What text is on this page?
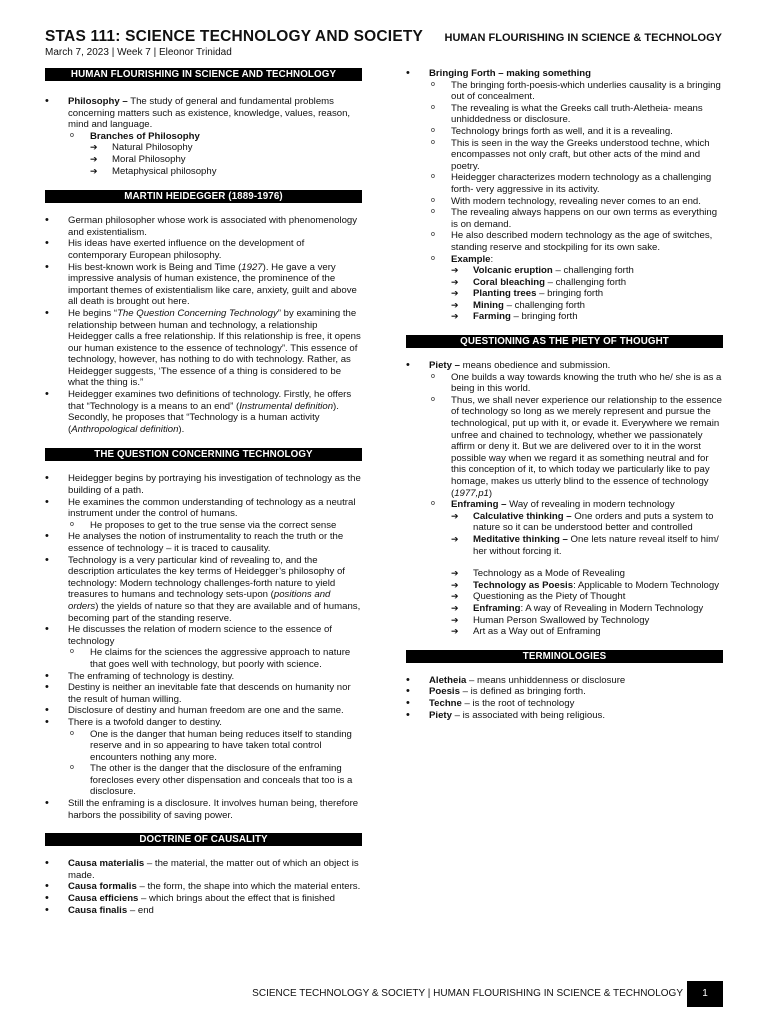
STAS 111: SCIENCE TECHNOLOGY AND SOCIETY
March 7, 2023 | Week 7 | Eleonor Trinidad
HUMAN FLOURISHING IN SCIENCE & TECHNOLOGY
HUMAN FLOURISHING IN SCIENCE AND TECHNOLOGY
• Philosophy – The study of general and fundamental problems concerning matters such as existence, knowledge, values, reason, mind and language.
o Branches of Philosophy
➔ Natural Philosophy
➔ Moral Philosophy
➔ Metaphysical philosophy
MARTIN HEIDEGGER (1889-1976)
• German philosopher whose work is associated with phenomenology and existentialism.
• His ideas have exerted influence on the development of contemporary European philosophy.
• His best-known work is Being and Time (1927). He gave a very impressive analysis of human existence, the prominence of the important themes of existentialism like care, anxiety, guilt and above all death is brought out here.
• He begins “The Question Concerning Technology” by examining the relationship between human and technology, a relationship Heidegger calls a free relationship. If this relationship is free, it opens our human existence to the essence of technology”. This essence of technology, however, has nothing to do with technology. Rather, as Heidegger suggests, ‘The essence of a thing is considered to be what the thing is.”
• Heidegger examines two definitions of technology. Firstly, he offers that “Technology is a means to an end” (Instrumental definition). Secondly, he proposes that “Technology is a human activity (Anthropological definition).
THE QUESTION CONCERNING TECHNOLOGY
• Heidegger begins by portraying his investigation of technology as the building of a path.
• He examines the common understanding of technology as a neutral instrument under the control of humans.
o He proposes to get to the true sense via the correct sense
• He analyses the notion of instrumentality to reach the truth or the essence of technology – it is traced to causality.
• Technology is a very particular kind of revealing to, and the description articulates the key terms of Heidegger’s philosophy of technology: Modern technology challenges-forth nature to yield treasures to humans and technology sets-upon (positions and orders) the yields of nature so that they are available and of humans, becoming part of the standing reserve.
• He discusses the relation of modern science to the essence of technology
o He claims for the sciences the aggressive approach to nature that goes well with technology, but poorly with science.
• The enframing of technology is destiny.
• Destiny is neither an inevitable fate that descends on humanity nor the result of human willing.
• Disclosure of destiny and human freedom are one and the same.
• There is a twofold danger to destiny.
o One is the danger that human being reduces itself to standing reserve and in so appearing to have taken total control encounters nothing any more.
o The other is the danger that the disclosure of the enframing forecloses every other dispensation and conceals that too is a disclosure.
• Still the enframing is a disclosure. It involves human being, therefore harbors the possibility of saving power.
DOCTRINE OF CAUSALITY
• Causa materialis – the material, the matter out of which an object is made.
• Causa formalis – the form, the shape into which the material enters.
• Causa efficiens – which brings about the effect that is finished
• Causa finalis – end
• Bringing Forth – making something
o The bringing forth-poesis-which underlies causality is a bringing out of concealment.
o The revealing is what the Greeks call truth-Aletheia- means unhiddedness or disclosure.
o Technology brings forth as well, and it is a revealing.
o This is seen in the way the Greeks understood techne, which encompasses not only craft, but other acts of the mind and poetry.
o Heidegger characterizes modern technology as a challenging forth- very aggressive in its activity.
o With modern technology, revealing never comes to an end.
o The revealing always happens on our own terms as everything is on demand.
o He also described modern technology as the age of switches, standing reserve and stockpiling for its own sake.
o Example:
➔ Volcanic eruption – challenging forth
➔ Coral bleaching – challenging forth
➔ Planting trees – bringing forth
➔ Mining – challenging forth
➔ Farming – bringing forth
QUESTIONING AS THE PIETY OF THOUGHT
• Piety – means obedience and submission.
o One builds a way towards knowing the truth who he/ she is as a being in this world.
o Thus, we shall never experience our relationship to the essence of technology so long as we merely represent and pursue the technological, put up with it, or evade it. Everywhere we remain unfree and chained to technology, whether we passionately affirm or deny it. But we are delivered over to it in the worst possible way when we regard it as something neutral and for this conception of it, to which today we particularly like to pay homage, makes us utterly blind to the essence of technology (1977,p1)
o Enframing – Way of revealing in modern technology
➔ Calculative thinking – One orders and puts a system to nature so it can be understood better and controlled
➔ Meditative thinking – One lets nature reveal itself to him/ her without forcing it.
➔ Technology as a Mode of Revealing
➔ Technology as Poesis: Applicable to Modern Technology
➔ Questioning as the Piety of Thought
➔ Enframing: A way of Revealing in Modern Technology
➔ Human Person Swallowed by Technology
➔ Art as a Way out of Enframing
TERMINOLOGIES
• Aletheia – means unhiddenness or disclosure
• Poesis – is defined as bringing forth.
• Techne – is the root of technology
• Piety – is associated with being religious.
SCIENCE TECHNOLOGY & SOCIETY | HUMAN FLOURISHING IN SCIENCE & TECHNOLOGY	1
